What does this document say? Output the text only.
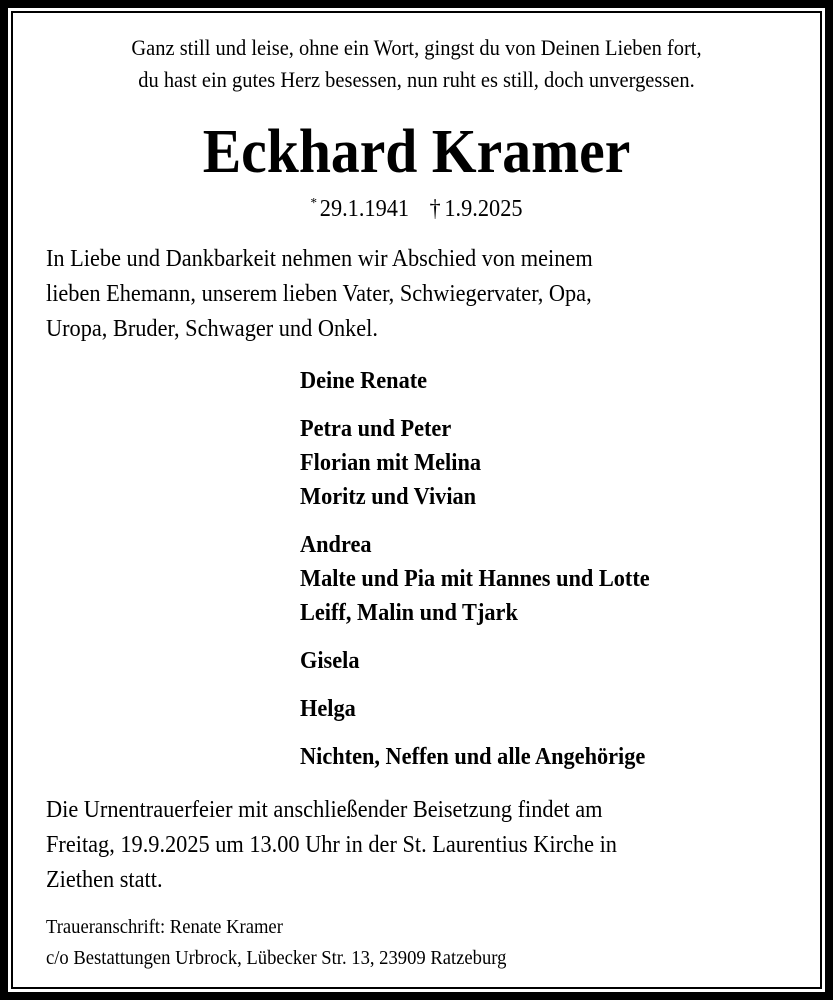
Ganz still und leise, ohne ein Wort, gingst du von Deinen Lieben fort,
du hast ein gutes Herz besessen, nun ruht es still, doch unvergessen.
Eckhard Kramer
* 29.1.1941 † 1.9.2025
In Liebe und Dankbarkeit nehmen wir Abschied von meinem
lieben Ehemann, unserem lieben Vater, Schwiegervater, Opa,
Uropa, Bruder, Schwager und Onkel.
Deine Renate
Petra und Peter
Florian mit Melina
Moritz und Vivian
Andrea
Malte und Pia mit Hannes und Lotte
Leiff, Malin und Tjark
Gisela
Helga
Nichten, Neffen und alle Angehörige
Die Urnentrauerfeier mit anschließender Beisetzung findet am
Freitag, 19.9.2025 um 13.00 Uhr in der St. Laurentius Kirche in
Ziethen statt.
Traueranschrift: Renate Kramer
c/o Bestattungen Urbrock, Lübecker Str. 13, 23909 Ratzeburg
